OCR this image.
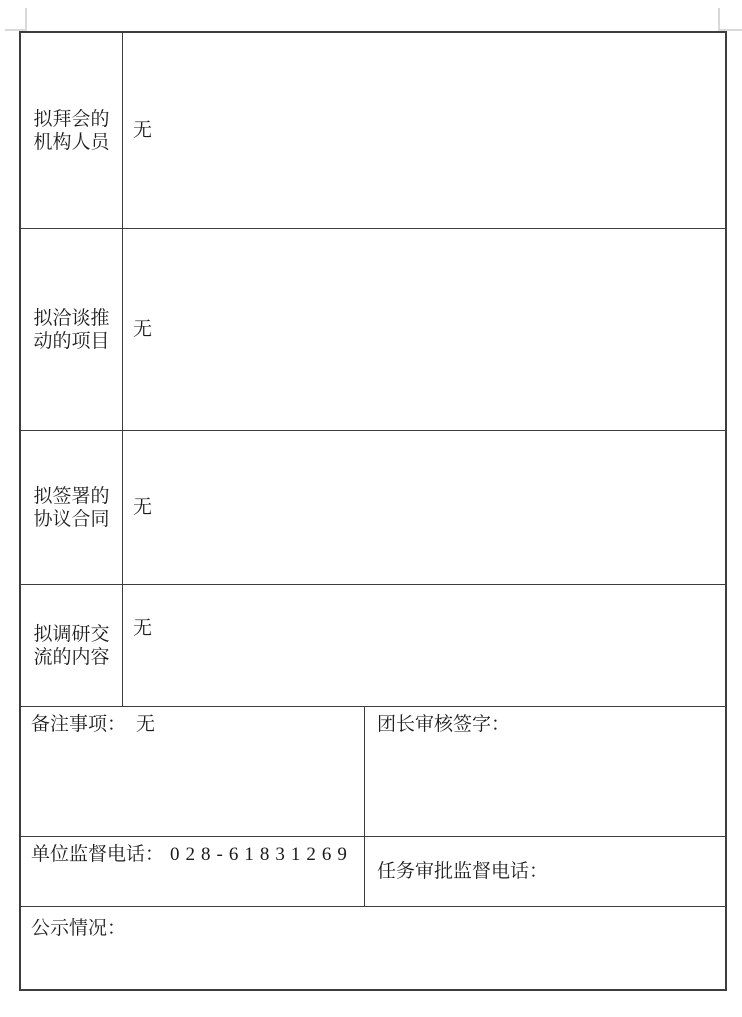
拟拜会的
机构人员
无
拟洽谈推
动的项目
无
拟签署的
协议合同
无
拟调研交
流的内容
无
备注事项： 无	团长审核签字：
单位监督电话： 028-61831269
任务审批监督电话：
公示情况：
